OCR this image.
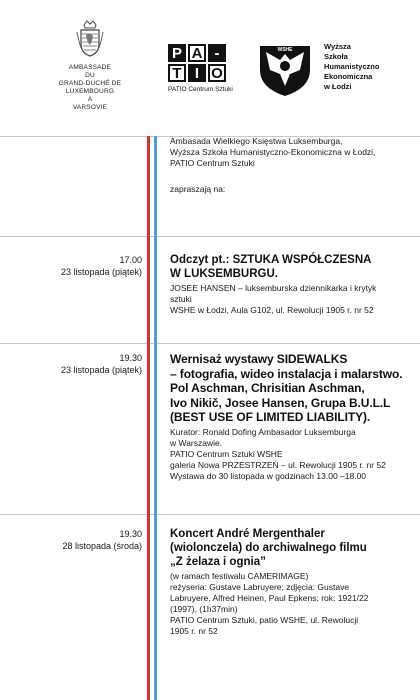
AMBASSADE
DU
GRAND-DUCHÉ DE LUXEMBOURG
A
VARSOVIE
P A -
T I O
PATIO Centrum Sztuki
WSHE	Wyższa
Szkoła
Humanistyczno
Ekonomiczna
w Łodzi
Ambasada Wielkiego Księstwa Luksemburga,
Wyższa Szkoła Humanistyczno-Ekonomiczna w Łodzi,
PATIO Centrum Sztuki
zapraszają na:
17.00
23 listopada (piątek)
Odczyt pt.: SZTUKA WSPÓŁCZESNA
W LUKSEMBURGU.
JOSEE HANSEN – luksemburska dziennikarka i krytyk
sztuki
WSHE w Łodzi, Aula G102, ul. Rewolucji 1905 r. nr 52
19.30
23 listopada (piątek)
Wernisaż wystawy SIDEWALKS
– fotografia, wideo instalacja i malarstwo.
Pol Aschman, Chrisitian Aschman,
Ivo Nikič, Josee Hansen, Grupa B.U.L.L
(BEST USE OF LIMITED LIABILITY).
Kurator: Ronald Dofing Ambasador Luksemburga
w Warszawie.
PATIO Centrum Sztuki WSHE
galeria Nowa PRZESTRZEŃ – ul. Rewolucji 1905 r. nr 52
Wystawa do 30 listopada w godzinach 13.00 –18.00
19.30
28 listopada (środa)
Koncert André Mergenthaler
(wiolonczela) do archiwalnego filmu
„Z żelaza i ognia”
(w ramach festiwalu CAMERIMAGE)
reżyseria: Gustave Labruyere; zdjęcia: Gustave
Labruyere, Alfred Heinen, Paul Epkens; rok: 1921/22
(1997), (1h37min)
PATIO Centrum Sztuki, patio WSHE, ul. Rewolucji
1905 r. nr 52
